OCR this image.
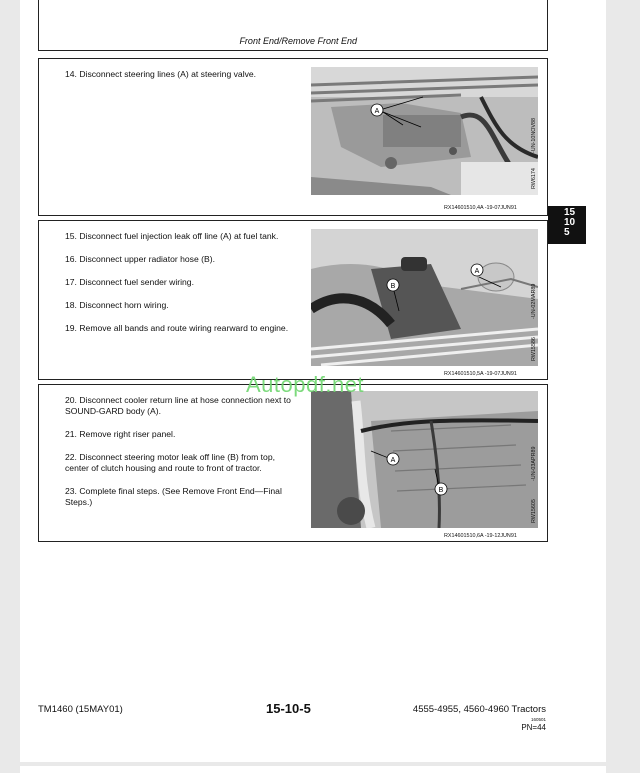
Front End/Remove Front End

14. Disconnect steering lines (A) at steering valve.

A
RW6174
-UN-10NOV88
RX14601510,4A -19-07JUN91

15. Disconnect fuel injection leak off line (A) at fuel tank.

16. Disconnect upper radiator hose (B).

17. Disconnect fuel sender wiring.

18. Disconnect horn wiring.

19. Remove all bands and route wiring rearward to engine.

A
B
RW15586
-UN-02MAR89
RX14601510,5A -19-07JUN91

20. Disconnect cooler return line at hose connection next to SOUND-GARD body (A).

21. Remove right riser panel.

22. Disconnect steering motor leak off line (B) from top, center of clutch housing and route to front of tractor.

23. Complete final steps. (See Remove Front End—Final Steps.)

A
B
RW15605
-UN-03APR89
RX14601510,6A -19-12JUN91
15
10
5
Autopdf.net
TM1460 (15MAY01)	15-10-5	4555-4955, 4560-4960 Tractors
160501
PN=44
